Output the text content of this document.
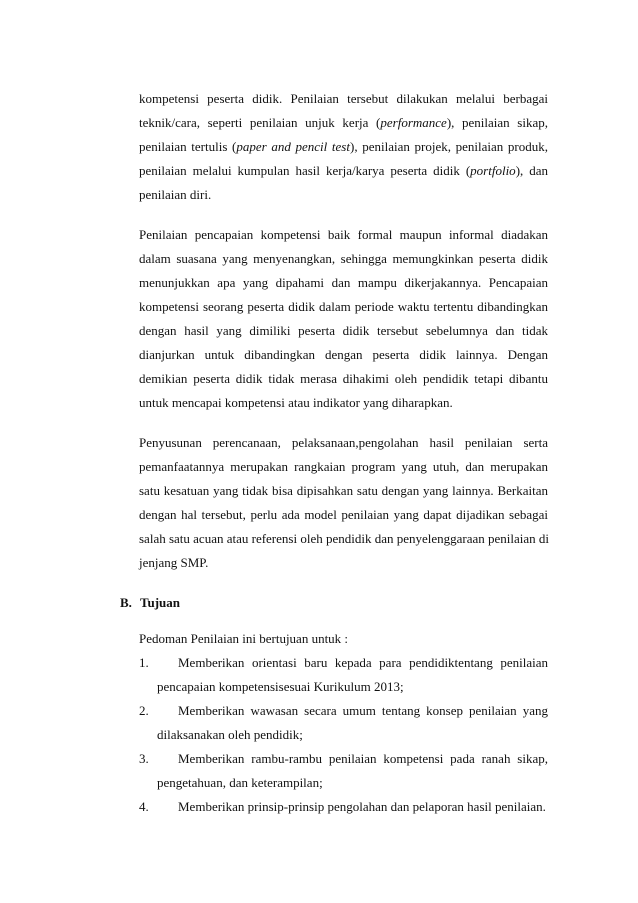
kompetensi peserta didik. Penilaian tersebut dilakukan melalui berbagai
teknik/cara, seperti penilaian unjuk kerja (performance), penilaian sikap,
penilaian tertulis (paper and pencil test), penilaian projek, penilaian produk,
penilaian melalui kumpulan hasil kerja/karya peserta didik (portfolio), dan
penilaian diri.
Penilaian pencapaian kompetensi baik formal maupun informal diadakan
dalam suasana yang menyenangkan, sehingga memungkinkan peserta didik
menunjukkan apa yang dipahami dan mampu dikerjakannya. Pencapaian
kompetensi seorang peserta didik dalam periode waktu tertentu dibandingkan
dengan hasil yang dimiliki peserta didik tersebut sebelumnya dan tidak
dianjurkan untuk dibandingkan dengan peserta didik lainnya. Dengan
demikian peserta didik tidak merasa dihakimi oleh pendidik tetapi dibantu
untuk mencapai kompetensi atau indikator yang diharapkan.
Penyusunan perencanaan, pelaksanaan,pengolahan hasil penilaian serta
pemanfaatannya merupakan rangkaian program yang utuh, dan merupakan
satu kesatuan yang tidak bisa dipisahkan satu dengan yang lainnya. Berkaitan
dengan hal tersebut, perlu ada model penilaian yang dapat dijadikan sebagai
salah satu acuan atau referensi oleh pendidik dan penyelenggaraan penilaian di
jenjang SMP.
B. Tujuan
Pedoman Penilaian ini bertujuan untuk :
1.	Memberikan orientasi baru kepada para pendidiktentang penilaian
pencapaian kompetensisesuai Kurikulum 2013;
2.	Memberikan wawasan secara umum tentang konsep penilaian yang
dilaksanakan oleh pendidik;
3.	Memberikan rambu-rambu penilaian kompetensi pada ranah sikap,
pengetahuan, dan keterampilan;
4.	Memberikan prinsip-prinsip pengolahan dan pelaporan hasil penilaian.
